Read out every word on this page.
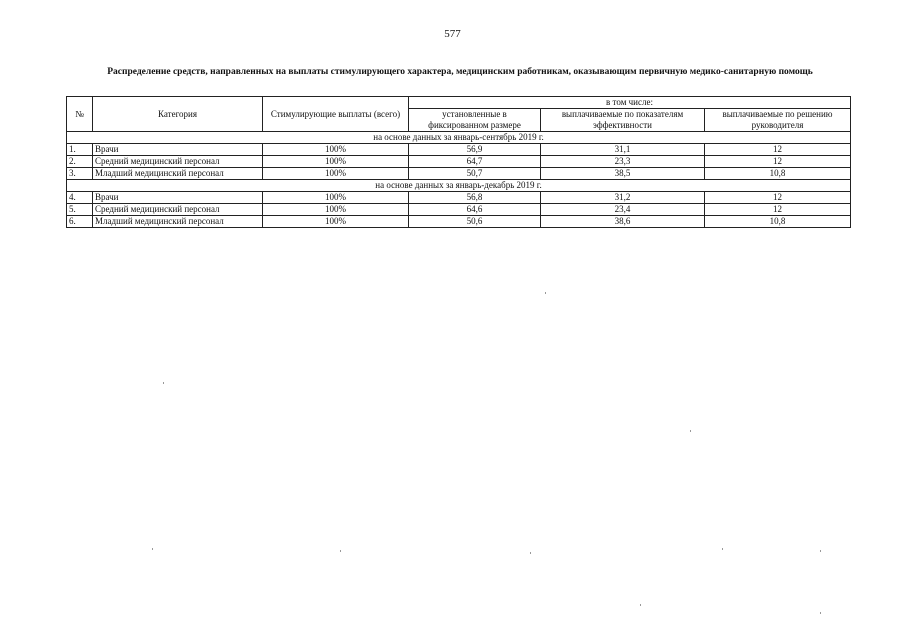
577
Распределение средств, направленных на выплаты стимулирующего характера, медицинским работникам, оказывающим первичную медико-санитарную помощь
№	Категория	Стимулирующие выплаты (всего)	в том числе:		
			установленные в фиксированном размере	выплачиваемые по показателям эффективности	выплачиваемые по решению руководителя
на основе данных за январь-сентябрь 2019 г.					
1.	Врачи	100%	56,9	31,1	12
2.	Средний медицинский персонал	100%	64,7	23,3	12
3.	Младший медицинский персонал	100%	50,7	38,5	10,8
на основе данных за январь-декабрь 2019 г.					
4.	Врачи	100%	56,8	31,2	12
5.	Средний медицинский персонал	100%	64,6	23,4	12
6.	Младший медицинский персонал	100%	50,6	38,6	10,8
